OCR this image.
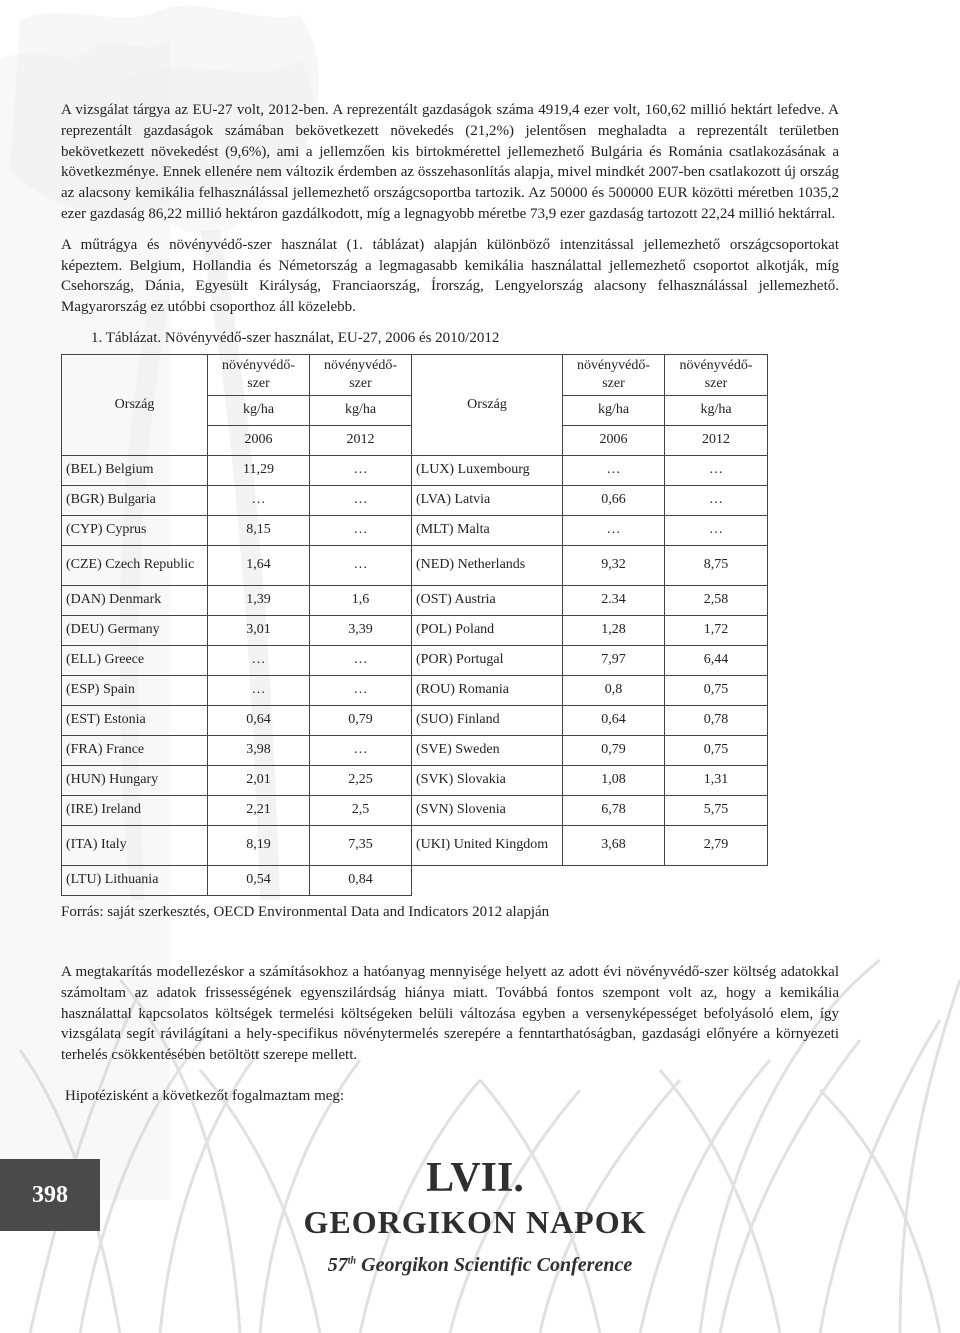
A vizsgálat tárgya az EU-27 volt, 2012-ben. A reprezentált gazdaságok száma 4919,4 ezer volt, 160,62 millió hektárt lefedve. A reprezentált gazdaságok számában bekövetkezett növekedés (21,2%) jelentősen meghaladta a reprezentált területben bekövetkezett növekedést (9,6%), ami a jellemzően kis birtokmérettel jellemezhető Bulgária és Románia csatlakozásának a következménye. Ennek ellenére nem változik érdemben az összehasonlítás alapja, mivel mindkét 2007-ben csatlakozott új ország az alacsony kemikália felhasználással jellemezhető országcsoportba tartozik. Az 50000 és 500000 EUR közötti méretben 1035,2 ezer gazdaság 86,22 millió hektáron gazdálkodott, míg a legnagyobb méretbe 73,9 ezer gazdaság tartozott 22,24 millió hektárral.

A műtrágya és növényvédő-szer használat (1. táblázat) alapján különböző intenzitással jellemezhető országcsoportokat képeztem. Belgium, Hollandia és Németország a legmagasabb kemikália használattal jellemezhető csoportot alkotják, míg Csehország, Dánia, Egyesült Királyság, Franciaország, Írország, Lengyelország alacsony felhasználással jellemezhető. Magyarország ez utóbbi csoporthoz áll közelebb.

1. Táblázat. Növényvédő-szer használat, EU-27, 2006 és 2010/2012
Ország	növényvédő-szer	növényvédő-szer	Ország	növényvédő-szer	növényvédő-szer
	kg/ha	kg/ha		kg/ha	kg/ha
	2006	2012		2006	2012
(BEL) Belgium	11,29	…	(LUX) Luxembourg	…	…
(BGR) Bulgaria	…	…	(LVA) Latvia	0,66	…
(CYP) Cyprus	8,15	…	(MLT) Malta	…	…
(CZE) Czech Republic	1,64	…	(NED) Netherlands	9,32	8,75
(DAN) Denmark	1,39	1,6	(OST) Austria	2.34	2,58
(DEU) Germany	3,01	3,39	(POL) Poland	1,28	1,72
(ELL) Greece	…	…	(POR) Portugal	7,97	6,44
(ESP) Spain	…	…	(ROU) Romania	0,8	0,75
(EST) Estonia	0,64	0,79	(SUO) Finland	0,64	0,78
(FRA) France	3,98	…	(SVE) Sweden	0,79	0,75
(HUN) Hungary	2,01	2,25	(SVK) Slovakia	1,08	1,31
(IRE) Ireland	2,21	2,5	(SVN) Slovenia	6,78	5,75
(ITA) Italy	8,19	7,35	(UKI) United Kingdom	3,68	2,79
(LTU) Lithuania	0,54	0,84			
Forrás: saját szerkesztés, OECD Environmental Data and Indicators 2012 alapján

A megtakarítás modellezéskor a számításokhoz a hatóanyag mennyisége helyett az adott évi növényvédő-szer költség adatokkal számoltam az adatok frissességének egyenszilárdság hiánya miatt. Továbbá fontos szempont volt az, hogy a kemikália használattal kapcsolatos költségek termelési költségeken belüli változása egyben a versenyképességet befolyásoló elem, így vizsgálata segít rávilágítani a hely-specifikus növénytermelés szerepére a fenntarthatóságban, gazdasági előnyére a környezeti terhelés csökkentésében betöltött szerepe mellett.

Hipotézisként a következőt fogalmaztam meg:

398	LVII.
GEORGIKON NAPOK
57th Georgikon Scientific Conference
